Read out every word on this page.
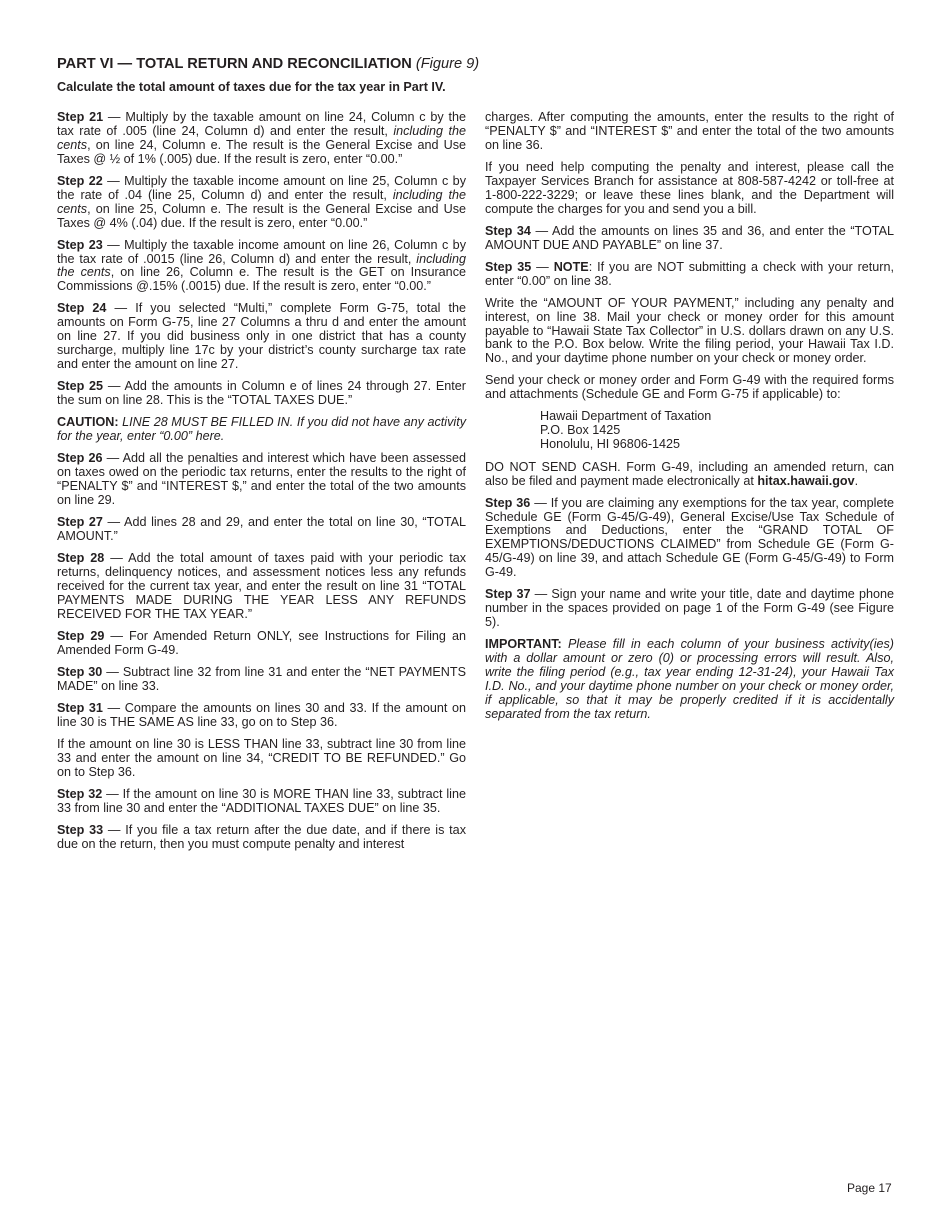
PART VI — TOTAL RETURN AND RECONCILIATION (Figure 9)
Calculate the total amount of taxes due for the tax year in Part IV.

Step 21 — Multiply by the taxable amount on line 24, Column c by the tax rate of .005 (line 24, Column d) and enter the result, including the cents, on line 24, Column e. The result is the General Excise and Use Taxes @ ½ of 1% (.005) due. If the result is zero, enter “0.00.”

Step 22 — Multiply the taxable income amount on line 25, Column c by the rate of .04 (line 25, Column d) and enter the result, including the cents, on line 25, Column e. The result is the General Excise and Use Taxes @ 4% (.04) due. If the result is zero, enter “0.00.”

Step 23 — Multiply the taxable income amount on line 26, Column c by the tax rate of .0015 (line 26, Column d) and enter the result, including the cents, on line 26, Column e. The result is the GET on Insurance Commissions @.15% (.0015) due. If the result is zero, enter “0.00.”

Step 24 — If you selected “Multi,” complete Form G-75, total the amounts on Form G-75, line 27 Columns a thru d and enter the amount on line 27. If you did business only in one district that has a county surcharge, multiply line 17c by your district’s county surcharge tax rate and enter the amount on line 27.

Step 25 — Add the amounts in Column e of lines 24 through 27. Enter the sum on line 28. This is the “TOTAL TAXES DUE.”

CAUTION: LINE 28 MUST BE FILLED IN. If you did not have any activity for the year, enter “0.00” here.

Step 26 — Add all the penalties and interest which have been assessed on taxes owed on the periodic tax returns, enter the results to the right of “PENALTY $” and “INTEREST $,” and enter the total of the two amounts on line 29.

Step 27 — Add lines 28 and 29, and enter the total on line 30, “TOTAL AMOUNT.”

Step 28 — Add the total amount of taxes paid with your periodic tax returns, delinquency notices, and assessment notices less any refunds received for the current tax year, and enter the result on line 31 “TOTAL PAYMENTS MADE DURING THE YEAR LESS ANY REFUNDS RECEIVED FOR THE TAX YEAR.”

Step 29 — For Amended Return ONLY, see Instructions for Filing an Amended Form G-49.

Step 30 — Subtract line 32 from line 31 and enter the “NET PAYMENTS MADE” on line 33.

Step 31 — Compare the amounts on lines 30 and 33. If the amount on line 30 is THE SAME AS line 33, go on to Step 36.

If the amount on line 30 is LESS THAN line 33, subtract line 30 from line 33 and enter the amount on line 34, “CREDIT TO BE REFUNDED.” Go on to Step 36.

Step 32 — If the amount on line 30 is MORE THAN line 33, subtract line 33 from line 30 and enter the “ADDITIONAL TAXES DUE” on line 35.

Step 33 — If you file a tax return after the due date, and if there is tax due on the return, then you must compute penalty and interest

charges. After computing the amounts, enter the results to the right of “PENALTY $” and “INTEREST $” and enter the total of the two amounts on line 36.

If you need help computing the penalty and interest, please call the Taxpayer Services Branch for assistance at 808-587-4242 or toll-free at 1-800-222-3229; or leave these lines blank, and the Department will compute the charges for you and send you a bill.

Step 34 — Add the amounts on lines 35 and 36, and enter the “TOTAL AMOUNT DUE AND PAYABLE” on line 37.

Step 35 — NOTE: If you are NOT submitting a check with your return, enter “0.00” on line 38.

Write the “AMOUNT OF YOUR PAYMENT,” including any penalty and interest, on line 38. Mail your check or money order for this amount payable to “Hawaii State Tax Collector” in U.S. dollars drawn on any U.S. bank to the P.O. Box below. Write the filing period, your Hawaii Tax I.D. No., and your daytime phone number on your check or money order.

Send your check or money order and Form G-49 with the required forms and attachments (Schedule GE and Form G-75 if applicable) to:

Hawaii Department of Taxation
P.O. Box 1425
Honolulu, HI 96806-1425

DO NOT SEND CASH. Form G-49, including an amended return, can also be filed and payment made electronically at hitax.hawaii.gov.

Step 36 — If you are claiming any exemptions for the tax year, complete Schedule GE (Form G-45/G-49), General Excise/Use Tax Schedule of Exemptions and Deductions, enter the “GRAND TOTAL OF EXEMPTIONS/DEDUCTIONS CLAIMED” from Schedule GE (Form G-45/G-49) on line 39, and attach Schedule GE (Form G-45/G-49) to Form G-49.

Step 37 — Sign your name and write your title, date and daytime phone number in the spaces provided on page 1 of the Form G-49 (see Figure 5).

IMPORTANT: Please fill in each column of your business activity(ies) with a dollar amount or zero (0) or processing errors will result. Also, write the filing period (e.g., tax year ending 12-31-24), your Hawaii Tax I.D. No., and your daytime phone number on your check or money order, if applicable, so that it may be properly credited if it is accidentally separated from the tax return.

Page 17
